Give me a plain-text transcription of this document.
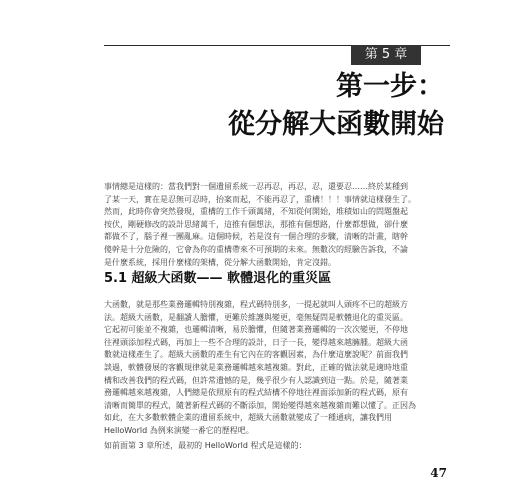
第 5 章
第一步：
從分解大函數開始
事情總是這樣的：當我們對一個遺留系統一忍再忍，再忍，忍，還要忍……終於某種到
了某一天，實在是忍無可忍時，抬案而起，不能再忍了，重構！！！事情就這樣發生了。
然而，此時你會突然發現，重構的工作千頭萬緒，不知從何開始，堆積如山的問題盤起
按伏，剛硬修改的設計思緒萬千，這推有個想法，那推有個想路，什麼都想做，卻什麼
都做不了，腦子裡一團亂麻。這個時候，若是沒有一個合理的步驟，清晰的計畫，瞎幹
傻幹是十分危險的，它會為你的重構帶來不可預期的未來。無數次的經驗告訴我，不論
是什麼系統，採用什麼樣的架構，從分解大函數開始，肯定沒錯。
5.1 超級大函數—— 軟體退化的重災區
大函數，就是那些業務邏輯特別複雜，程式碼特別多，一提起就叫人頭疼不已的超級方
法。超級大函數，是翻讀人膽懼，更難於維護與變更，毫無疑問是軟體退化的重災區。
它起初可能並不複雜，也邏輯清晰，易於膽懼，但隨著業務邏輯的一次次變更，不停地
往裡頭添加程式碼，再加上一些不合理的設計，日子一長，變得越來越臃腫。超級大函
數就這樣產生了。超級大函數的產生有它內在的客觀因素，為什麼這麼說呢？前面我們
談過，軟體發展的客觀規律就是業務邏輯越來越複雜。對此，正確的做法就是適時地重
構和改善我們的程式碼，但許常遺憾的是，幾乎很少有人認識到這一點。於是，隨著業
務邏輯越來越複雜，人們總是依照原有的程式結構不停地往裡面添加新的程式碼，原有
清晰而簡單的程式，隨著新程式碼的不斷添加，開始變得越來越複雜而難以懂了。正因為
如此，在大多數軟體企業的遺留系統中，超級大函數就變成了一種通病，讓我們用
HelloWorld 為例來演變一番它的歷程吧。
如前面第 3 章所述，最初的 HelloWorld 程式是這樣的：
47
